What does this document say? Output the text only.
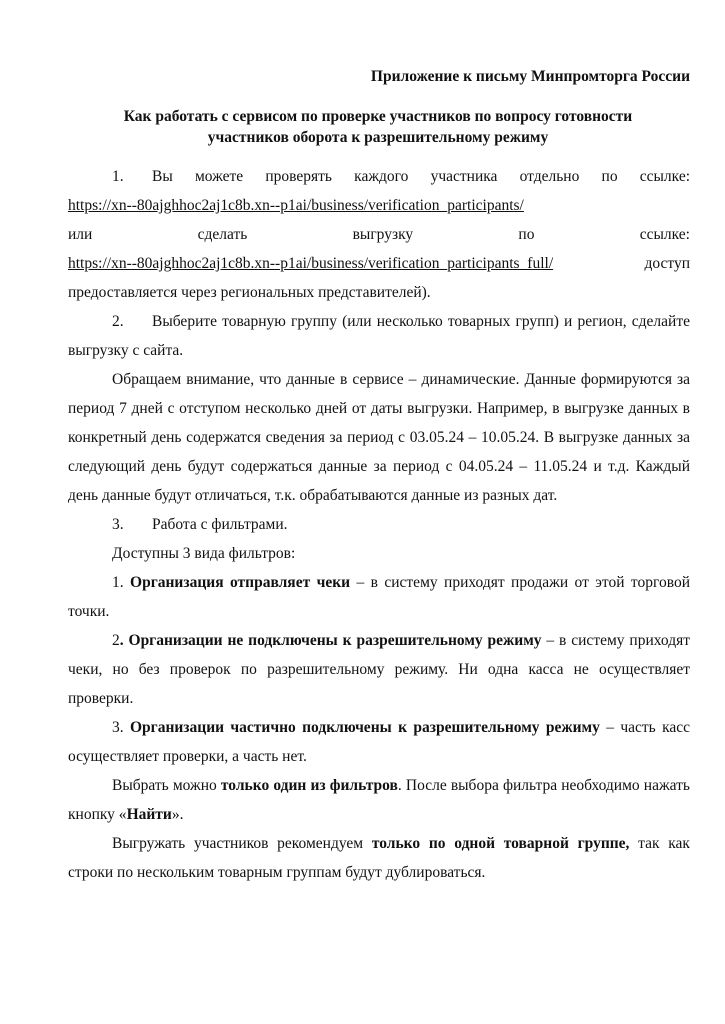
Приложение к письму Минпромторга России
Как работать с сервисом по проверке участников по вопросу готовности
участников оборота к разрешительному режиму

1. Вы можете проверять каждого участника отдельно по ссылке:

https://xn--80ajghhoc2aj1c8b.xn--p1ai/business/verification_participants/

или сделать выгрузку по ссылке:

https://xn--80ajghhoc2aj1c8b.xn--p1ai/business/verification_participants_full/	доступ

предоставляется через региональных представителей).

2. Выберите товарную группу (или несколько товарных групп) и регион, сделайте выгрузку с сайта.

Обращаем внимание, что данные в сервисе – динамические. Данные формируются за период 7 дней с отступом несколько дней от даты выгрузки. Например, в выгрузке данных в конкретный день содержатся сведения за период с 03.05.24 – 10.05.24. В выгрузке данных за следующий день будут содержаться данные за период с 04.05.24 – 11.05.24 и т.д. Каждый день данные будут отличаться, т.к. обрабатываются данные из разных дат.

3. Работа с фильтрами.

Доступны 3 вида фильтров:

1. Организация отправляет чеки – в систему приходят продажи от этой торговой точки.

2. Организации не подключены к разрешительному режиму – в систему приходят чеки, но без проверок по разрешительному режиму. Ни одна касса не осуществляет проверки.

3. Организации частично подключены к разрешительному режиму – часть касс осуществляет проверки, а часть нет.

Выбрать можно только один из фильтров. После выбора фильтра необходимо нажать кнопку «Найти».

Выгружать участников рекомендуем только по одной товарной группе, так как строки по нескольким товарным группам будут дублироваться.
